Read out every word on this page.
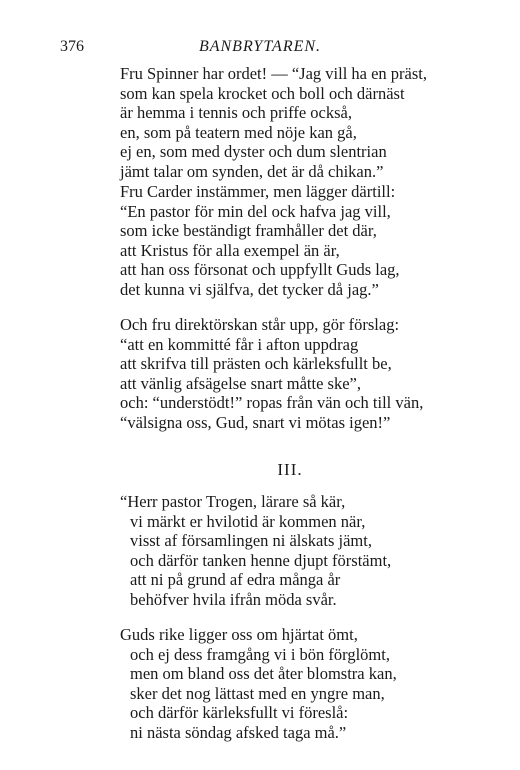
376	BANBRYTAREN.
Fru Spinner har ordet! — “Jag vill ha en präst,
som kan spela krocket och boll och därnäst
är hemma i tennis och priffe också,
en, som på teatern med nöje kan gå,
ej en, som med dyster och dum slentrian
jämt talar om synden, det är då chikan.”
Fru Carder instämmer, men lägger därtill:
“En pastor för min del ock hafva jag vill,
som icke beständigt framhåller det där,
att Kristus för alla exempel än är,
att han oss försonat och uppfyllt Guds lag,
det kunna vi själfva, det tycker då jag.”
Och fru direktörskan står upp, gör förslag:
“att en kommitté får i afton uppdrag
att skrifva till prästen och kärleksfullt be,
att vänlig afsägelse snart måtte ske”,
och: “understödt!” ropas från vän och till vän,
“välsigna oss, Gud, snart vi mötas igen!”
III.
“Herr pastor Trogen, lärare så kär,
vi märkt er hvilotid är kommen när,
visst af församlingen ni älskats jämt,
och därför tanken henne djupt förstämt,
att ni på grund af edra många år
behöfver hvila ifrån möda svår.
Guds rike ligger oss om hjärtat ömt,
och ej dess framgång vi i bön förglömt,
men om bland oss det åter blomstra kan,
sker det nog lättast med en yngre man,
och därför kärleksfullt vi föreslå:
ni nästa söndag afsked taga må.”
